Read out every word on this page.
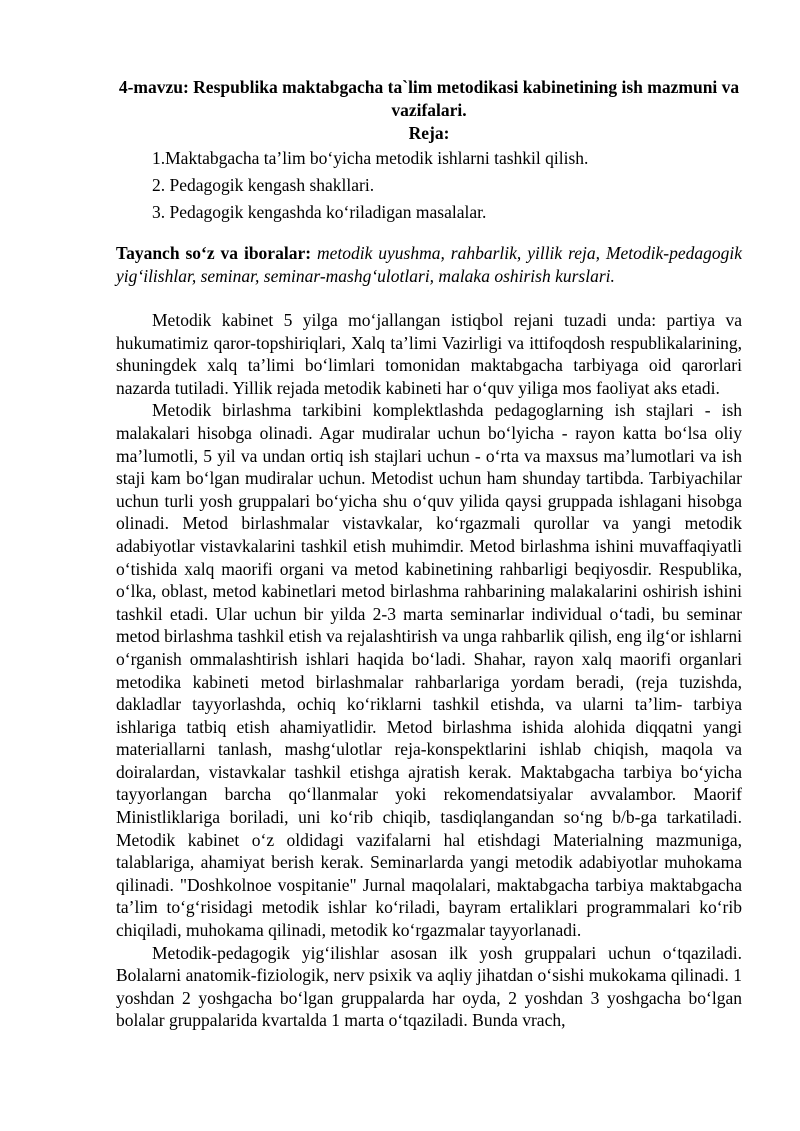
4-mavzu: Respublika maktabgacha ta`lim metodikasi kabinetining ish mazmuni va vazifalari.
Reja:
1.Maktabgacha ta’lim bo‘yicha metodik ishlarni tashkil qilish.
2. Pedagogik kengash shakllari.
3. Pedagogik kengashda ko‘riladigan masalalar.

Tayanch so‘z va iboralar: metodik uyushma, rahbarlik, yillik reja, Metodik-pedagogik yig‘ilishlar, seminar, seminar-mashg‘ulotlari, malaka oshirish kurslari.

Metodik kabinet 5 yilga mo‘jallangan istiqbol rejani tuzadi unda: partiya va hukumatimiz qaror-topshiriqlari, Xalq ta’limi Vazirligi va ittifoqdosh respublikalarining, shuningdek xalq ta’limi bo‘limlari tomonidan maktabgacha tarbiyaga oid qarorlari nazarda tutiladi. Yillik rejada metodik kabineti har o‘quv yiliga mos faoliyat aks etadi.

Metodik birlashma tarkibini komplektlashda pedagoglarning ish stajlari - ish malakalari hisobga olinadi. Agar mudiralar uchun bo‘lyicha - rayon katta bo‘lsa oliy ma’lumotli, 5 yil va undan ortiq ish stajlari uchun - o‘rta va maxsus ma’lumotlari va ish staji kam bo‘lgan mudiralar uchun. Metodist uchun ham shunday tartibda. Tarbiyachilar uchun turli yosh gruppalari bo‘yicha shu o‘quv yilida qaysi gruppada ishlagani hisobga olinadi. Metod birlashmalar vistavkalar, ko‘rgazmali qurollar va yangi metodik adabiyotlar vistavkalarini tashkil etish muhimdir. Metod birlashma ishini muvaffaqiyatli o‘tishida xalq maorifi organi va metod kabinetining rahbarligi beqiyosdir. Respublika, o‘lka, oblast, metod kabinetlari metod birlashma rahbarining malakalarini oshirish ishini tashkil etadi. Ular uchun bir yilda 2-3 marta seminarlar individual o‘tadi, bu seminar metod birlashma tashkil etish va rejalashtirish va unga rahbarlik qilish, eng ilg‘or ishlarni o‘rganish ommalashtirish ishlari haqida bo‘ladi. Shahar, rayon xalq maorifi organlari metodika kabineti metod birlashmalar rahbarlariga yordam beradi, (reja tuzishda, dakladlar tayyorlashda, ochiq ko‘riklarni tashkil etishda, va ularni ta’lim- tarbiya ishlariga tatbiq etish ahamiyatlidir. Metod birlashma ishida alohida diqqatni yangi materiallarni tanlash, mashg‘ulotlar reja-konspektlarini ishlab chiqish, maqola va doiralardan, vistavkalar tashkil etishga ajratish kerak. Maktabgacha tarbiya bo‘yicha tayyorlangan barcha qo‘llanmalar yoki rekomendatsiyalar avvalambor. Maorif Ministliklariga boriladi, uni ko‘rib chiqib, tasdiqlangandan so‘ng b/b-ga tarkatiladi. Metodik kabinet o‘z oldidagi vazifalarni hal etishdagi Materialning mazmuniga, talablariga, ahamiyat berish kerak. Seminarlarda yangi metodik adabiyotlar muhokama qilinadi. "Doshkolnoe vospitanie" Jurnal maqolalari, maktabgacha tarbiya maktabgacha ta’lim to‘g‘risidagi metodik ishlar ko‘riladi, bayram ertaliklari programmalari ko‘rib chiqiladi, muhokama qilinadi, metodik ko‘rgazmalar tayyorlanadi.

Metodik-pedagogik yig‘ilishlar asosan ilk yosh gruppalari uchun o‘tqaziladi. Bolalarni anatomik-fiziologik, nerv psixik va aqliy jihatdan o‘sishi mukokama qilinadi. 1 yoshdan 2 yoshgacha bo‘lgan gruppalarda har oyda, 2 yoshdan 3 yoshgacha bo‘lgan bolalar gruppalarida kvartalda 1 marta o‘tqaziladi. Bunda vrach,
